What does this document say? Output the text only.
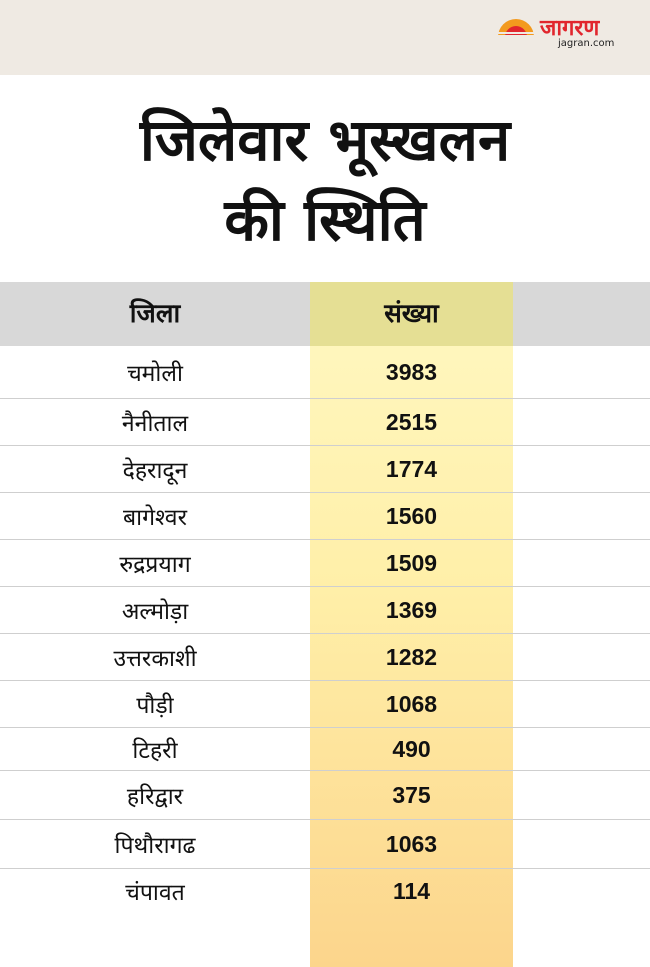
जागरण
jagran.com
जिलेवार भूस्खलन
की स्थिति
जिला	संख्या
चमोली	3983
नैनीताल	2515
देहरादून	1774
बागेश्वर	1560
रुद्रप्रयाग	1509
अल्मोड़ा	1369
उत्तरकाशी	1282
पौड़ी	1068
टिहरी	490
हरिद्वार	375
पिथौरागढ	1063
चंपावत	114
